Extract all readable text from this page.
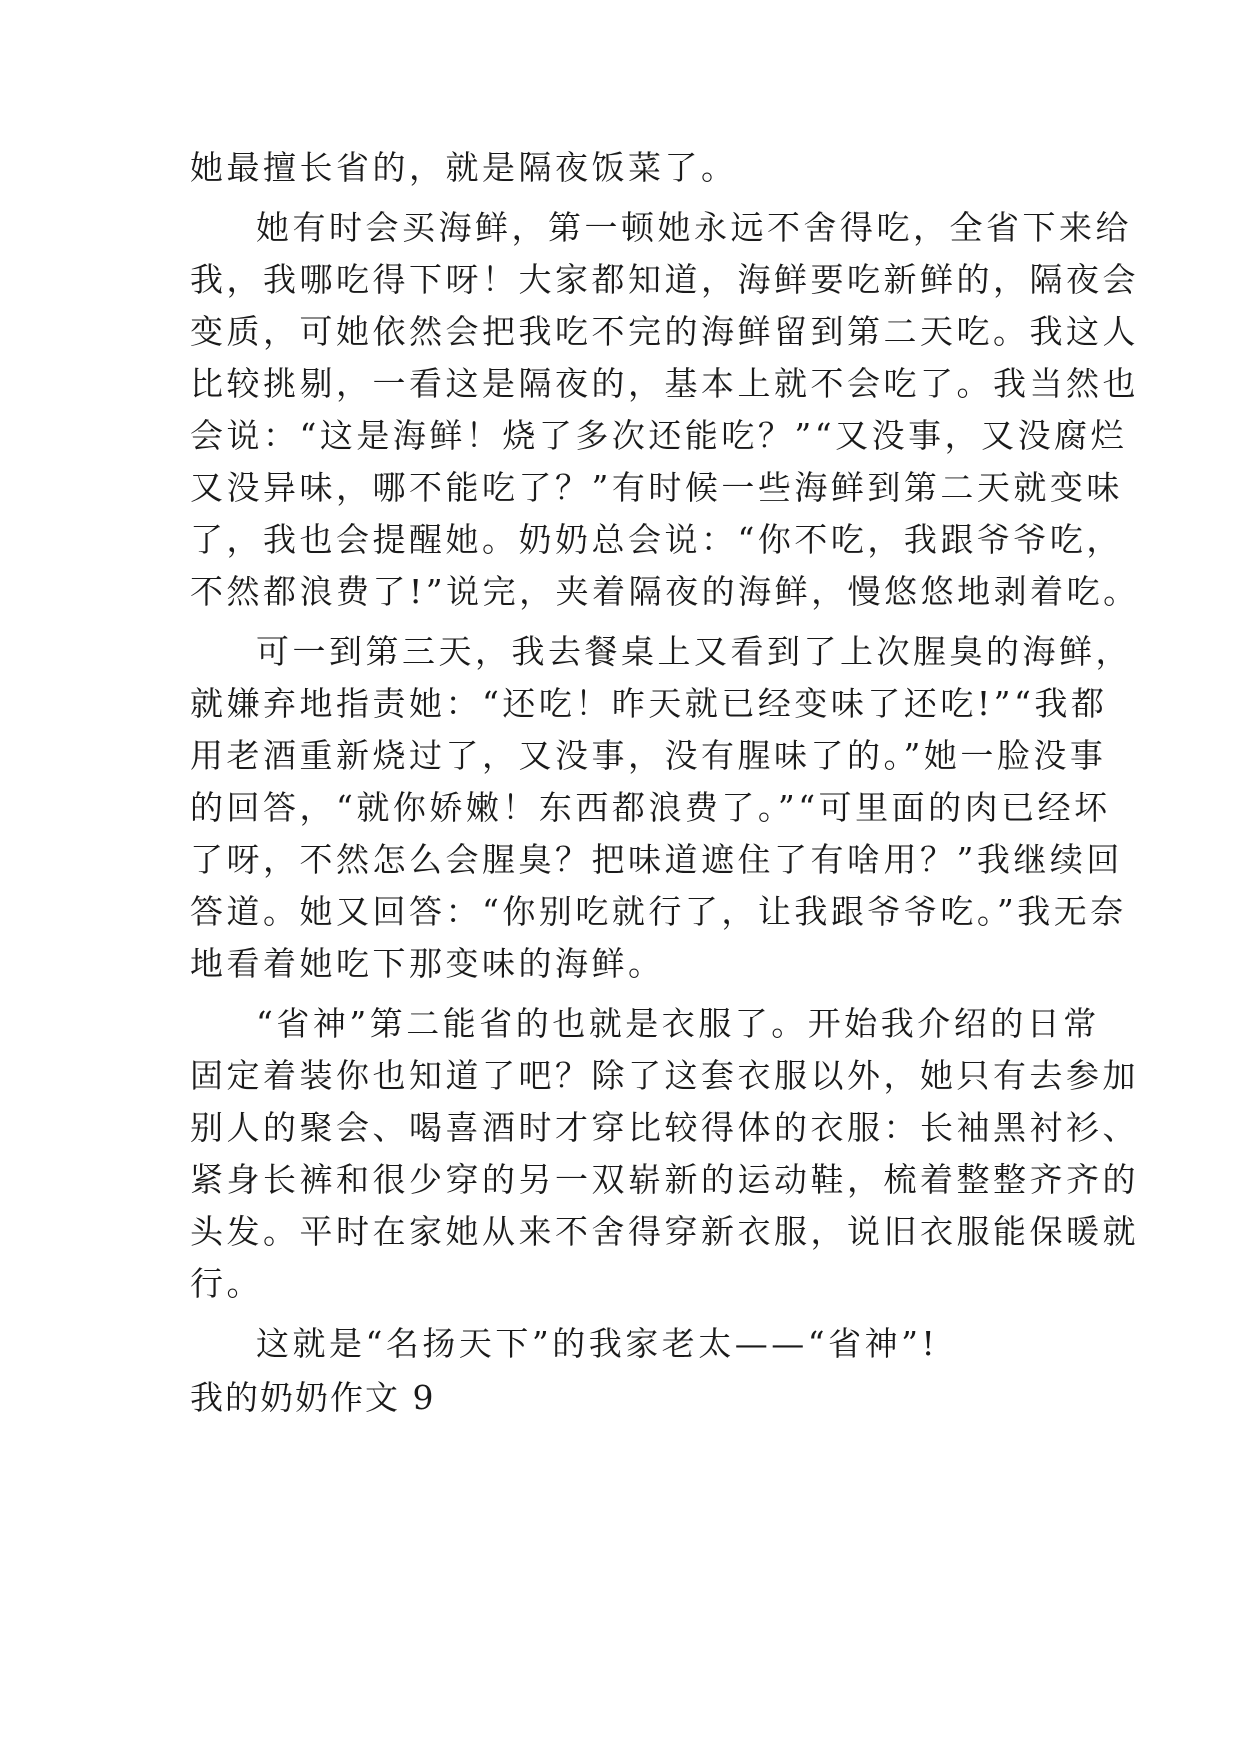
她最擅长省的，就是隔夜饭菜了。
她有时会买海鲜，第一顿她永远不舍得吃，全省下来给
我，我哪吃得下呀！大家都知道，海鲜要吃新鲜的，隔夜会
变质，可她依然会把我吃不完的海鲜留到第二天吃。我这人
比较挑剔，一看这是隔夜的，基本上就不会吃了。我当然也
会说：“这是海鲜！烧了多次还能吃？”“又没事，又没腐烂
又没异味，哪不能吃了？”有时候一些海鲜到第二天就变味
了，我也会提醒她。奶奶总会说：“你不吃，我跟爷爷吃，
不然都浪费了!”说完，夹着隔夜的海鲜，慢悠悠地剥着吃。
可一到第三天，我去餐桌上又看到了上次腥臭的海鲜，
就嫌弃地指责她：“还吃！昨天就已经变味了还吃!”“我都
用老酒重新烧过了，又没事，没有腥味了的。”她一脸没事
的回答，“就你娇嫩！东西都浪费了。”“可里面的肉已经坏
了呀，不然怎么会腥臭？把味道遮住了有啥用？”我继续回
答道。她又回答：“你别吃就行了，让我跟爷爷吃。”我无奈
地看着她吃下那变味的海鲜。
“省神”第二能省的也就是衣服了。开始我介绍的日常
固定着装你也知道了吧？除了这套衣服以外，她只有去参加
别人的聚会、喝喜酒时才穿比较得体的衣服：长袖黑衬衫、
紧身长裤和很少穿的另一双崭新的运动鞋，梳着整整齐齐的
头发。平时在家她从来不舍得穿新衣服，说旧衣服能保暖就
行。
这就是“名扬天下”的我家老太——“省神”!
我的奶奶作文 9
